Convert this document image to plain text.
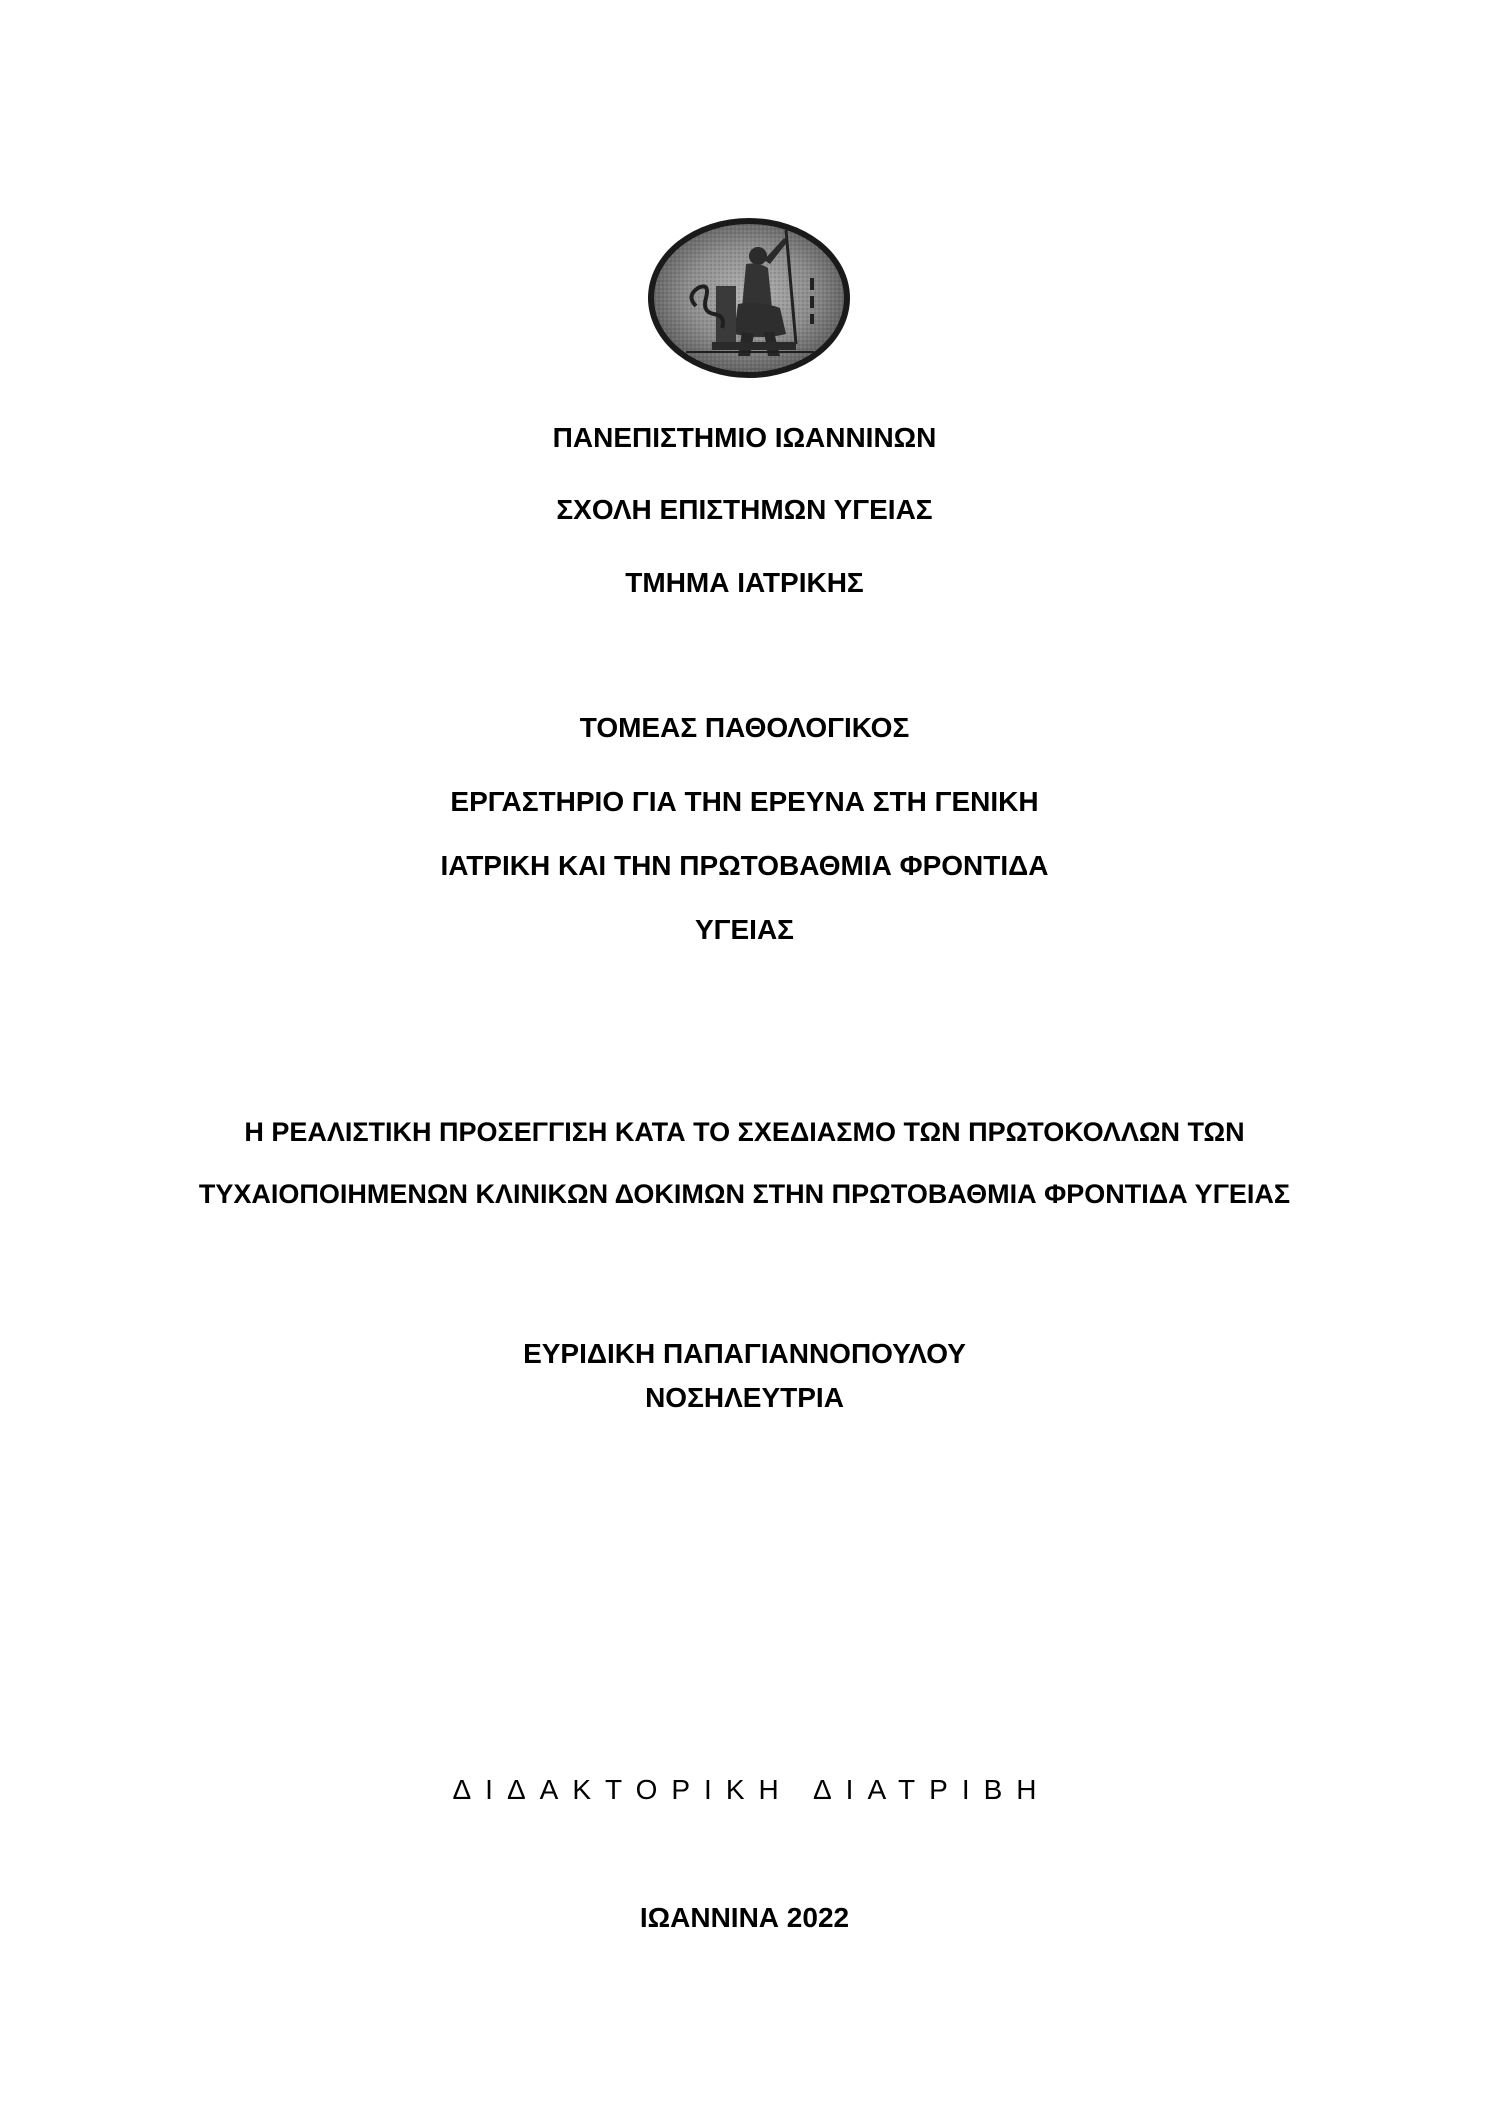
ΠΑΝΕΠΙΣΤΗΜΙΟ ΙΩΑΝΝΙΝΩΝ
ΣΧΟΛΗ ΕΠΙΣΤΗΜΩΝ ΥΓΕΙΑΣ
ΤΜΗΜΑ ΙΑΤΡΙΚΗΣ
ΤΟΜΕΑΣ ΠΑΘΟΛΟΓΙΚΟΣ
ΕΡΓΑΣΤΗΡΙΟ ΓΙΑ ΤΗΝ ΕΡΕΥΝΑ ΣΤΗ ΓΕΝΙΚΗ
ΙΑΤΡΙΚΗ ΚΑΙ ΤΗΝ ΠΡΩΤΟΒΑΘΜΙΑ ΦΡΟΝΤΙΔΑ
ΥΓΕΙΑΣ
Η ΡΕΑΛΙΣΤΙΚΗ ΠΡΟΣΕΓΓΙΣΗ ΚΑΤΑ ΤΟ ΣΧΕΔΙΑΣΜΟ ΤΩΝ ΠΡΩΤΟΚΟΛΛΩΝ ΤΩΝ
ΤΥΧΑΙΟΠΟΙΗΜΕΝΩΝ ΚΛΙΝΙΚΩΝ ΔΟΚΙΜΩΝ ΣΤΗΝ ΠΡΩΤΟΒΑΘΜΙΑ ΦΡΟΝΤΙΔΑ ΥΓΕΙΑΣ
ΕΥΡΙΔΙΚΗ ΠΑΠΑΓΙΑΝΝΟΠΟΥΛΟΥ
ΝΟΣΗΛΕΥΤΡΙΑ
ΔΙΔΑΚΤΟΡΙΚΗ ΔΙΑΤΡΙΒΗ
ΙΩΑΝΝΙΝΑ 2022
